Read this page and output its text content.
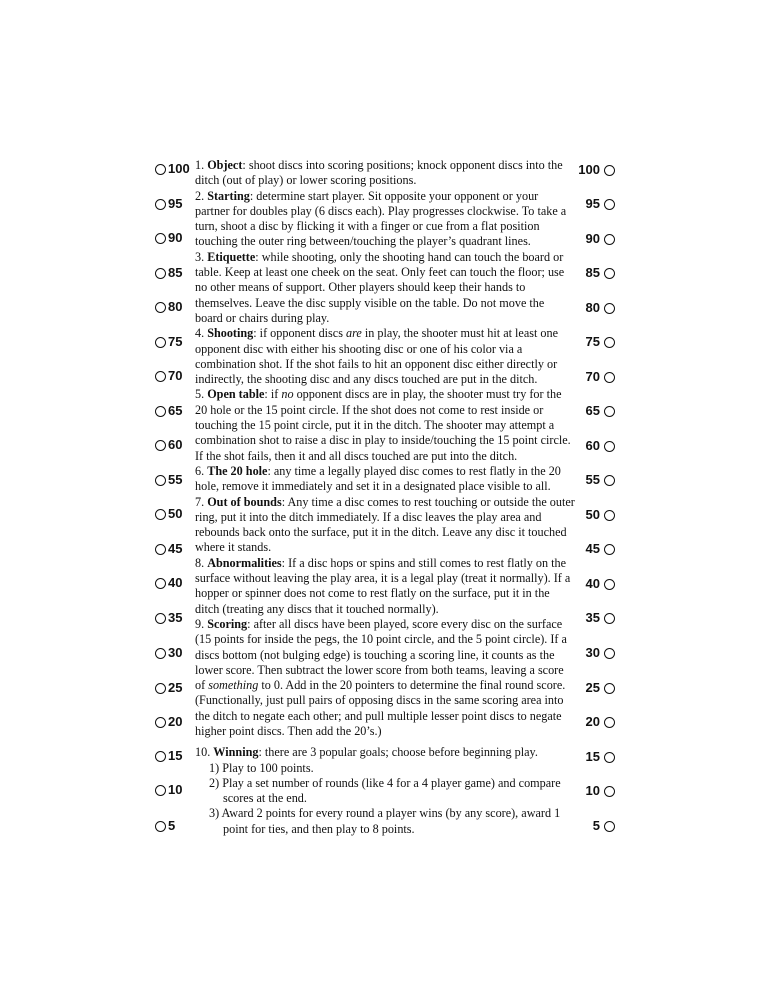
100
95
90
85
80
75
70
65
60
55
50
45
40
35
30
25
20
15
10
5
100
95
90
85
80
75
70
65
60
55
50
45
40
35
30
25
20
15
10
5

1. Object: shoot discs into scoring positions; knock opponent discs into the ditch (out of play) or lower scoring positions.

2. Starting: determine start player. Sit opposite your opponent or your partner for doubles play (6 discs each). Play progresses clockwise. To take a turn, shoot a disc by flicking it with a finger or cue from a flat position touching the outer ring between/touching the player’s quadrant lines.

3. Etiquette: while shooting, only the shooting hand can touch the board or table. Keep at least one cheek on the seat. Only feet can touch the floor; use no other means of support. Other players should keep their hands to themselves. Leave the disc supply visible on the table. Do not move the board or chairs during play.

4. Shooting: if opponent discs are in play, the shooter must hit at least one opponent disc with either his shooting disc or one of his color via a combination shot. If the shot fails to hit an opponent disc either directly or indirectly, the shooting disc and any discs touched are put in the ditch.

5. Open table: if no opponent discs are in play, the shooter must try for the 20 hole or the 15 point circle. If the shot does not come to rest inside or touching the 15 point circle, put it in the ditch. The shooter may attempt a combination shot to raise a disc in play to inside/touching the 15 point circle. If the shot fails, then it and all discs touched are put into the ditch.

6. The 20 hole: any time a legally played disc comes to rest flatly in the 20 hole, remove it immediately and set it in a designated place visible to all.

7. Out of bounds: Any time a disc comes to rest touching or outside the outer ring, put it into the ditch immediately. If a disc leaves the play area and rebounds back onto the surface, put it in the ditch. Leave any disc it touched where it stands.

8. Abnormalities: If a disc hops or spins and still comes to rest flatly on the surface without leaving the play area, it is a legal play (treat it normally). If a hopper or spinner does not come to rest flatly on the surface, put it in the ditch (treating any discs that it touched normally).

9. Scoring: after all discs have been played, score every disc on the surface (15 points for inside the pegs, the 10 point circle, and the 5 point circle). If a discs bottom (not bulging edge) is touching a scoring line, it counts as the lower score. Then subtract the lower score from both teams, leaving a score of something to 0. Add in the 20 pointers to determine the final round score. (Functionally, just pull pairs of opposing discs in the same scoring area into the ditch to negate each other; and pull multiple lesser point discs to negate higher point discs. Then add the 20’s.)

10. Winning: there are 3 popular goals; choose before beginning play.

1) Play to 100 points.

2) Play a set number of rounds (like 4 for a 4 player game) and compare
scores at the end.

3) Award 2 points for every round a player wins (by any score), award 1
point for ties, and then play to 8 points.
